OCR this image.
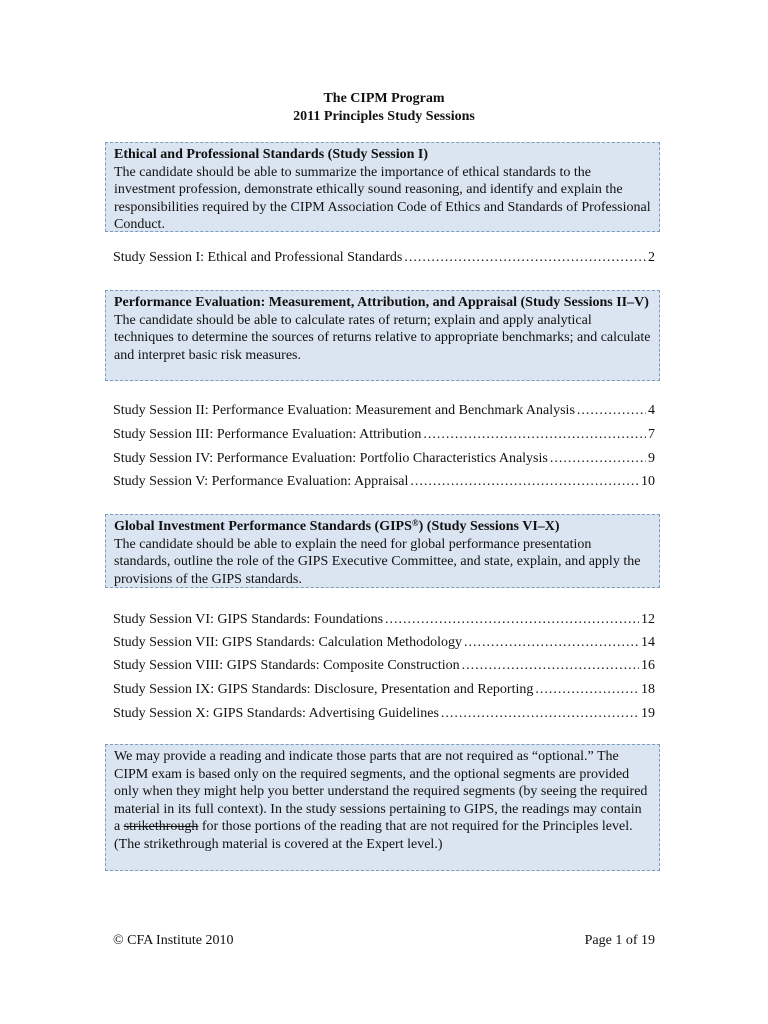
The CIPM Program
2011 Principles Study Sessions
Ethical and Professional Standards (Study Session I)
The candidate should be able to summarize the importance of ethical standards to the investment profession, demonstrate ethically sound reasoning, and identify and explain the responsibilities required by the CIPM Association Code of Ethics and Standards of Professional Conduct.
Study Session I: Ethical and Professional Standards .....	2
Performance Evaluation: Measurement, Attribution, and Appraisal (Study Sessions II–V)
The candidate should be able to calculate rates of return; explain and apply analytical techniques to determine the sources of returns relative to appropriate benchmarks; and calculate and interpret basic risk measures.
Study Session II: Performance Evaluation: Measurement and Benchmark Analysis .....	4
Study Session III: Performance Evaluation: Attribution .....	7
Study Session IV: Performance Evaluation: Portfolio Characteristics Analysis .....	9
Study Session V: Performance Evaluation: Appraisal .....	10
Global Investment Performance Standards (GIPS®) (Study Sessions VI–X)
The candidate should be able to explain the need for global performance presentation standards, outline the role of the GIPS Executive Committee, and state, explain, and apply the provisions of the GIPS standards.
Study Session VI: GIPS Standards: Foundations .....	12
Study Session VII: GIPS Standards: Calculation Methodology .....	14
Study Session VIII: GIPS Standards: Composite Construction .....	16
Study Session IX: GIPS Standards: Disclosure, Presentation and Reporting .....	18
Study Session X: GIPS Standards: Advertising Guidelines .....	19
We may provide a reading and indicate those parts that are not required as “optional.” The CIPM exam is based only on the required segments, and the optional segments are provided only when they might help you better understand the required segments (by seeing the required material in its full context). In the study sessions pertaining to GIPS, the readings may contain a strikethrough for those portions of the reading that are not required for the Principles level. (The strikethrough material is covered at the Expert level.)
© CFA Institute 2010	Page 1 of 19
